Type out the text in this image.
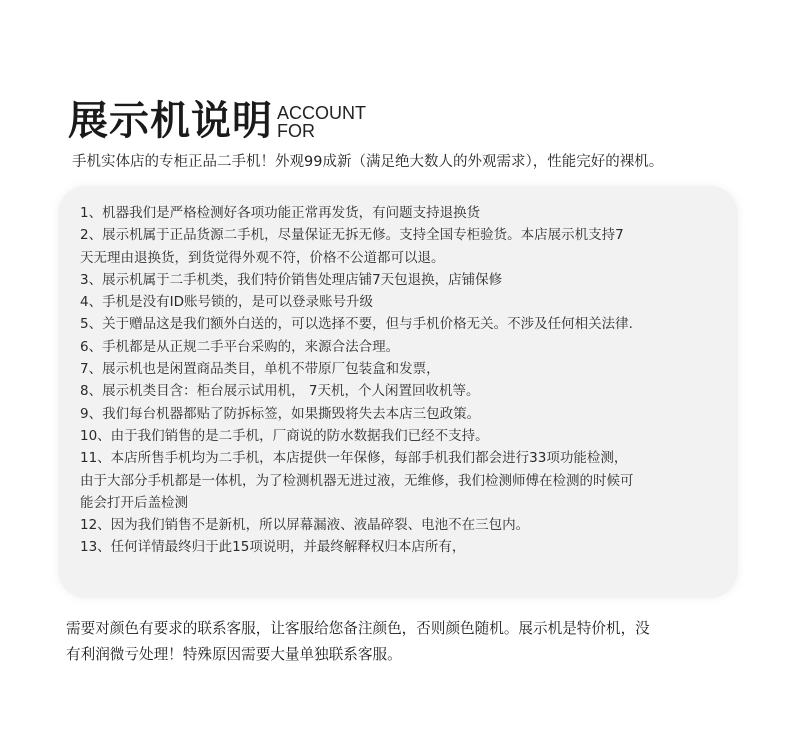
展示机说明 ACCOUNT
FOR
手机实体店的专柜正品二手机！外观99成新（满足绝大数人的外观需求），性能完好的裸机。
1、机器我们是严格检测好各项功能正常再发货，有问题支持退换货
2、展示机属于正品货源二手机，尽量保证无拆无修。支持全国专柜验货。本店展示机支持7
天无理由退换货，到货觉得外观不符，价格不公道都可以退。
3、展示机属于二手机类，我们特价销售处理店铺7天包退换，店铺保修
4、手机是没有ID账号锁的，是可以登录账号升级
5、关于赠品这是我们额外白送的，可以选择不要，但与手机价格无关。不涉及任何相关法律.
6、手机都是从正规二手平台采购的，来源合法合理。
7、展示机也是闲置商品类目，单机不带原厂包装盒和发票，
8、展示机类目含：柜台展示试用机， 7天机，个人闲置回收机等。
9、我们每台机器都贴了防拆标签，如果撕毁将失去本店三包政策。
10、由于我们销售的是二手机，厂商说的防水数据我们已经不支持。
11、本店所售手机均为二手机，本店提供一年保修，每部手机我们都会进行33项功能检测，
由于大部分手机都是一体机，为了检测机器无进过液，无维修，我们检测师傅在检测的时候可
能会打开后盖检测
12、因为我们销售不是新机，所以屏幕漏液、液晶碎裂、电池不在三包内。
13、任何详情最终归于此15项说明，并最终解释权归本店所有，
需要对颜色有要求的联系客服，让客服给您备注颜色，否则颜色随机。展示机是特价机，没
有利润微亏处理！特殊原因需要大量单独联系客服。
